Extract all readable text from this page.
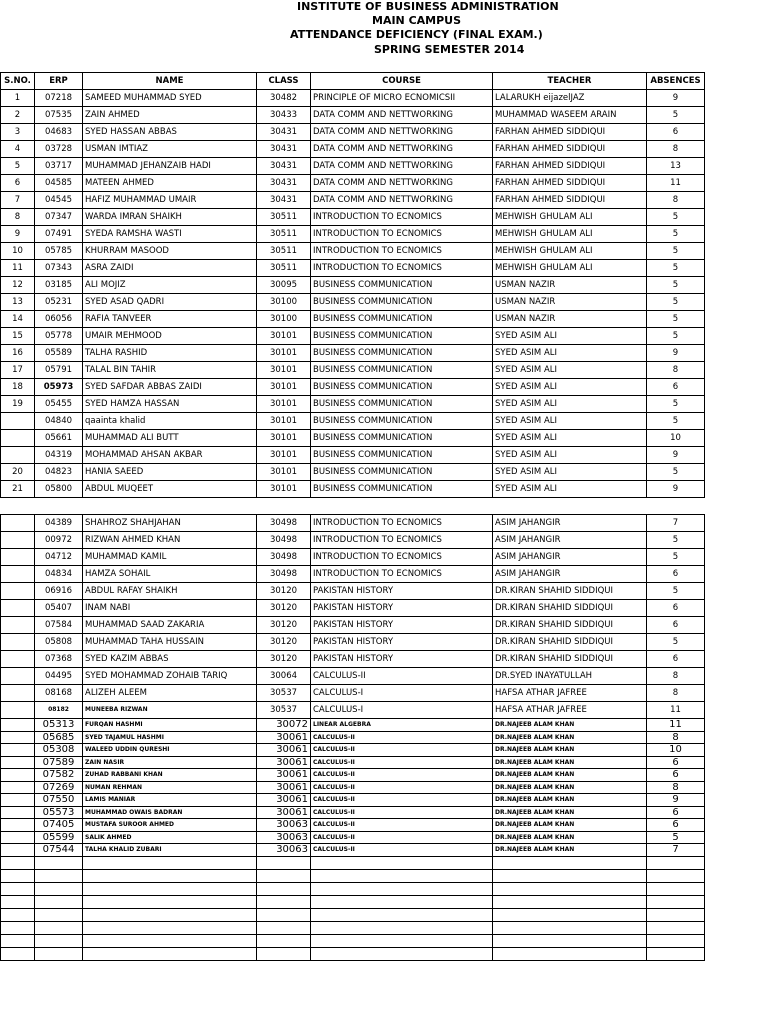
INSTITUTE OF BUSINESS ADMINISTRATION
MAIN CAMPUS
ATTENDANCE DEFICIENCY (FINAL EXAM.)
SPRING SEMESTER 2014
S.NO.	ERP	NAME	CLASS	COURSE	TEACHER	ABSENCES
1	07218	SAMEED MUHAMMAD SYED	30482	PRINCIPLE OF MICRO ECNOMICSII	LALARUKH eijazelJAZ	9
2	07535	ZAIN AHMED	30433	DATA COMM AND NETTWORKING	MUHAMMAD WASEEM ARAIN	5
3	04683	SYED HASSAN ABBAS	30431	DATA COMM AND NETTWORKING	FARHAN AHMED SIDDIQUI	6
4	03728	USMAN IMTIAZ	30431	DATA COMM AND NETTWORKING	FARHAN AHMED SIDDIQUI	8
5	03717	MUHAMMAD JEHANZAIB HADI	30431	DATA COMM AND NETTWORKING	FARHAN AHMED SIDDIQUI	13
6	04585	MATEEN AHMED	30431	DATA COMM AND NETTWORKING	FARHAN AHMED SIDDIQUI	11
7	04545	HAFIZ MUHAMMAD UMAIR	30431	DATA COMM AND NETTWORKING	FARHAN AHMED SIDDIQUI	8
8	07347	WARDA IMRAN SHAIKH	30511	INTRODUCTION TO ECNOMICS	MEHWISH GHULAM ALI	5
9	07491	SYEDA RAMSHA WASTI	30511	INTRODUCTION TO ECNOMICS	MEHWISH GHULAM ALI	5
10	05785	KHURRAM MASOOD	30511	INTRODUCTION TO ECNOMICS	MEHWISH GHULAM ALI	5
11	07343	ASRA ZAIDI	30511	INTRODUCTION TO ECNOMICS	MEHWISH GHULAM ALI	5
12	03185	ALI MOJIZ	30095	BUSINESS COMMUNICATION	USMAN NAZIR	5
13	05231	SYED ASAD QADRI	30100	BUSINESS COMMUNICATION	USMAN NAZIR	5
14	06056	RAFIA TANVEER	30100	BUSINESS COMMUNICATION	USMAN NAZIR	5
15	05778	UMAIR MEHMOOD	30101	BUSINESS COMMUNICATION	SYED ASIM ALI	5
16	05589	TALHA RASHID	30101	BUSINESS COMMUNICATION	SYED ASIM ALI	9
17	05791	TALAL BIN TAHIR	30101	BUSINESS COMMUNICATION	SYED ASIM ALI	8
18	05973	SYED SAFDAR ABBAS ZAIDI	30101	BUSINESS COMMUNICATION	SYED ASIM ALI	6
19	05455	SYED HAMZA HASSAN	30101	BUSINESS COMMUNICATION	SYED ASIM ALI	5
	04840	qaainta khalid	30101	BUSINESS COMMUNICATION	SYED ASIM ALI	5
	05661	MUHAMMAD ALI BUTT	30101	BUSINESS COMMUNICATION	SYED ASIM ALI	10
	04319	MOHAMMAD AHSAN AKBAR	30101	BUSINESS COMMUNICATION	SYED ASIM ALI	9
20	04823	HANIA SAEED	30101	BUSINESS COMMUNICATION	SYED ASIM ALI	5
21	05800	ABDUL MUQEET	30101	BUSINESS COMMUNICATION	SYED ASIM ALI	9

	04389	SHAHROZ SHAHJAHAN	30498	INTRODUCTION TO ECNOMICS	ASIM JAHANGIR	7
	00972	RIZWAN AHMED KHAN	30498	INTRODUCTION TO ECNOMICS	ASIM JAHANGIR	5
	04712	MUHAMMAD KAMIL	30498	INTRODUCTION TO ECNOMICS	ASIM JAHANGIR	5
	04834	HAMZA SOHAIL	30498	INTRODUCTION TO ECNOMICS	ASIM JAHANGIR	6
	06916	ABDUL RAFAY SHAIKH	30120	PAKISTAN HISTORY	DR.KIRAN SHAHID SIDDIQUI	5
	05407	INAM NABI	30120	PAKISTAN HISTORY	DR.KIRAN SHAHID SIDDIQUI	6
	07584	MUHAMMAD SAAD ZAKARIA	30120	PAKISTAN HISTORY	DR.KIRAN SHAHID SIDDIQUI	6
	05808	MUHAMMAD TAHA HUSSAIN	30120	PAKISTAN HISTORY	DR.KIRAN SHAHID SIDDIQUI	5
	07368	SYED KAZIM ABBAS	30120	PAKISTAN HISTORY	DR.KIRAN SHAHID SIDDIQUI	6
	04495	SYED MOHAMMAD ZOHAIB TARIQ	30064	CALCULUS-II	DR.SYED INAYATULLAH	8
	08168	ALIZEH ALEEM	30537	CALCULUS-I	HAFSA ATHAR JAFREE	8
	08182	MUNEEBA RIZWAN	30537	CALCULUS-I	HAFSA ATHAR JAFREE	11
	05313	FURQAN HASHMI	30072	LINEAR ALGEBRA	DR.NAJEEB ALAM KHAN	11
	05685	SYED TAJAMUL HASHMI	30061	CALCULUS-II	DR.NAJEEB ALAM KHAN	8
	05308	WALEED UDDIN QURESHI	30061	CALCULUS-II	DR.NAJEEB ALAM KHAN	10
	07589	ZAIN NASIR	30061	CALCULUS-II	DR.NAJEEB ALAM KHAN	6
	07582	ZUHAD RABBANI KHAN	30061	CALCULUS-II	DR.NAJEEB ALAM KHAN	6
	07269	NUMAN REHMAN	30061	CALCULUS-II	DR.NAJEEB ALAM KHAN	8
	07550	LAMIS MANIAR	30061	CALCULUS-II	DR.NAJEEB ALAM KHAN	9
	05573	MUHAMMAD OWAIS BADRAN	30061	CALCULUS-II	DR.NAJEEB ALAM KHAN	6
	07405	MUSTAFA SUROOR AHMED	30063	CALCULUS-II	DR.NAJEEB ALAM KHAN	6
	05599	SALIK AHMED	30063	CALCULUS-II	DR.NAJEEB ALAM KHAN	5
	07544	TALHA KHALID ZUBARI	30063	CALCULUS-II	DR.NAJEEB ALAM KHAN	7
